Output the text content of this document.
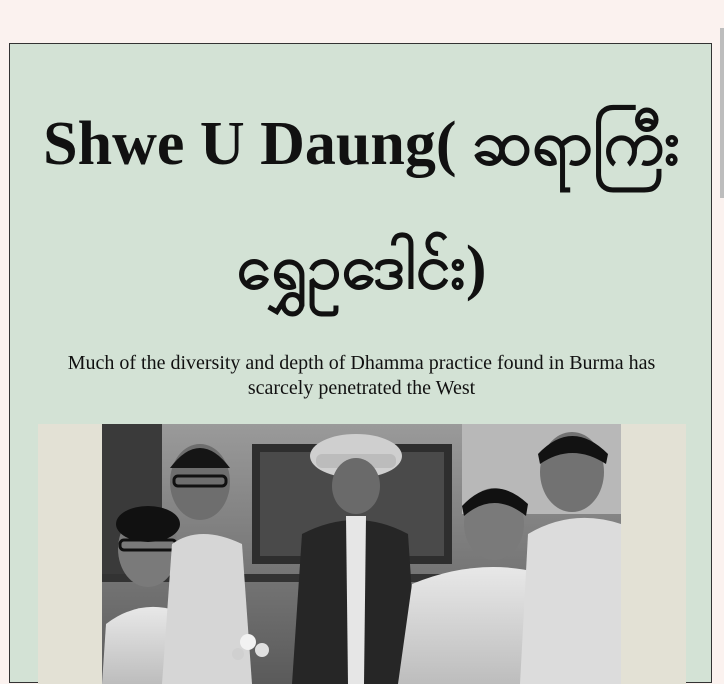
Shwe U Daung( ဆရာကြီး
ရွှေဥဒေါင်း)

Much of the diversity and depth of Dhamma practice found in Burma has scarcely penetrated the West
